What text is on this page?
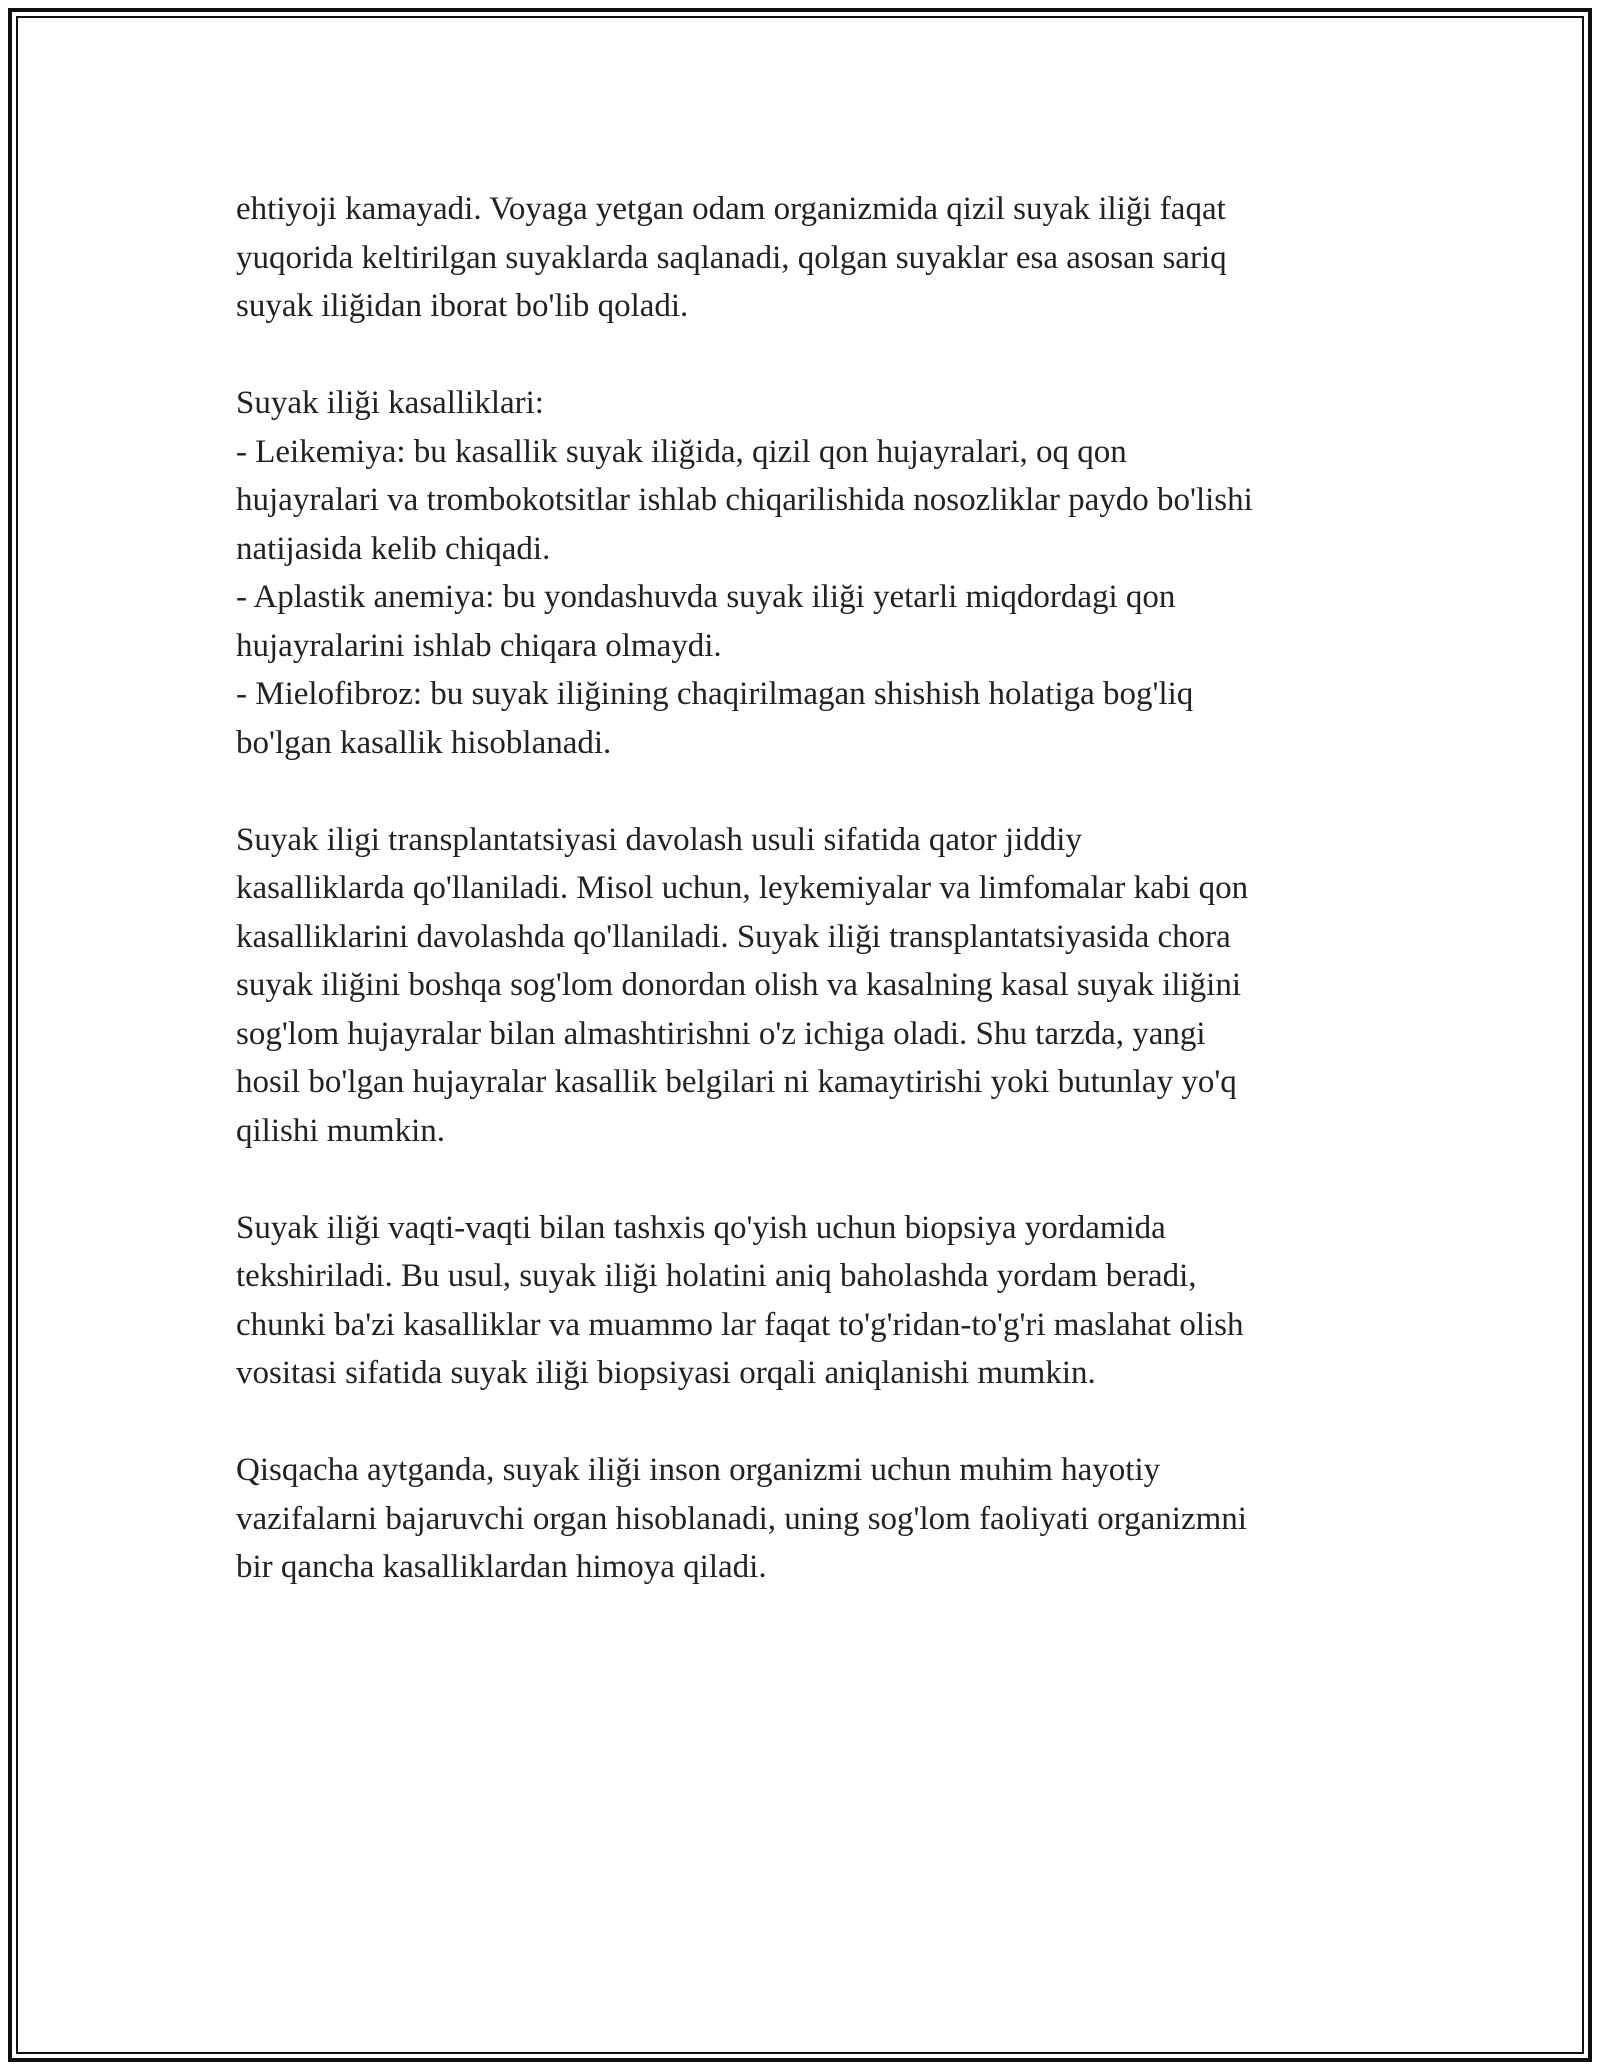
ehtiyoji kamayadi. Voyaga yetgan odam organizmida qizil suyak iliği faqat
yuqorida keltirilgan suyaklarda saqlanadi, qolgan suyaklar esa asosan sariq
suyak iliğidan iborat bo'lib qoladi.

Suyak iliği kasalliklari:
- Leikemiya: bu kasallik suyak iliğida, qizil qon hujayralari, oq qon
hujayralari va trombokotsitlar ishlab chiqarilishida nosozliklar paydo bo'lishi
natijasida kelib chiqadi.
- Aplastik anemiya: bu yondashuvda suyak iliği yetarli miqdordagi qon
hujayralarini ishlab chiqara olmaydi.
- Mielofibroz: bu suyak iliğining chaqirilmagan shishish holatiga bog'liq
bo'lgan kasallik hisoblanadi.

Suyak iligi transplantatsiyasi davolash usuli sifatida qator jiddiy
kasalliklarda qo'llaniladi. Misol uchun, leykemiyalar va limfomalar kabi qon
kasalliklarini davolashda qo'llaniladi. Suyak iliği transplantatsiyasida chora
suyak iliğini boshqa sog'lom donordan olish va kasalning kasal suyak iliğini
sog'lom hujayralar bilan almashtirishni o'z ichiga oladi. Shu tarzda, yangi
hosil bo'lgan hujayralar kasallik belgilari ni kamaytirishi yoki butunlay yo'q
qilishi mumkin.

Suyak iliği vaqti-vaqti bilan tashxis qo'yish uchun biopsiya yordamida
tekshiriladi. Bu usul, suyak iliği holatini aniq baholashda yordam beradi,
chunki ba'zi kasalliklar va muammo lar faqat to'g'ridan-to'g'ri maslahat olish
vositasi sifatida suyak iliği biopsiyasi orqali aniqlanishi mumkin.

Qisqacha aytganda, suyak iliği inson organizmi uchun muhim hayotiy
vazifalarni bajaruvchi organ hisoblanadi, uning sog'lom faoliyati organizmni
bir qancha kasalliklardan himoya qiladi.
